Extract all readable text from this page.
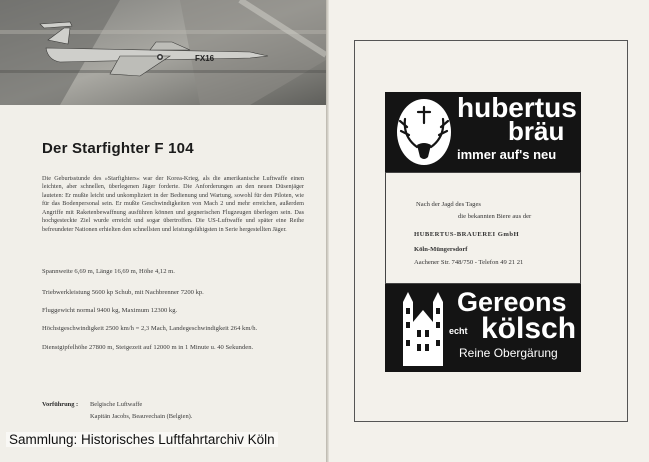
FX16
Der Starfighter F 104

Die Geburtsstunde des »Starfighters« war der Korea-Krieg, als die amerikanische Luftwaffe einen leichten, aber schnellen, überlegenen Jäger forderte. Die Anforderungen an den neuen Düsenjäger lauteten: Er mußte leicht und unkompliziert in der Bedienung und Wartung, sowohl für den Piloten, wie für das Bodenpersonal sein. Er mußte Geschwindigkeiten von Mach 2 und mehr erreichen, außerdem Angriffe mit Raketenbewaffnung ausführen können und gegnerischen Flugzeugen überlegen sein. Das hochgesteckte Ziel wurde erreicht und sogar übertroffen. Die US-Luftwaffe und später eine Reihe befreundeter Nationen erhielten den schnellsten und leistungsfähigsten in Serie hergestellten Jäger.

Spannweite 6,69 m, Länge 16,69 m, Höhe 4,12 m.

Triebwerkleistung 5600 kp Schub, mit Nachbrenner 7200 kp.

Fluggewicht normal 9400 kg, Maximum 12300 kg.

Höchstgeschwindigkeit 2500 km/h = 2,3 Mach, Landegeschwindigkeit 264 km/h.

Dienstgipfelhöhe 27800 m, Steigezeit auf 12000 m in 1 Minute u. 40 Sekunden.

Vorführung : Belgische Luftwaffe
Kapitän Jacobs, Beauvechain (Belgien).
Sammlung: Historisches Luftfahrtarchiv Köln
hubertus
bräu
immer auf's neu
Nach der Jagd des Tages
die bekannten Biere aus der
HUBERTUS-BRAUEREI GmbH
Köln-Müngersdorf
Aachener Str. 748/750 - Telefon 49 21 21
Gereons
echt kölsch
Reine Obergärung
